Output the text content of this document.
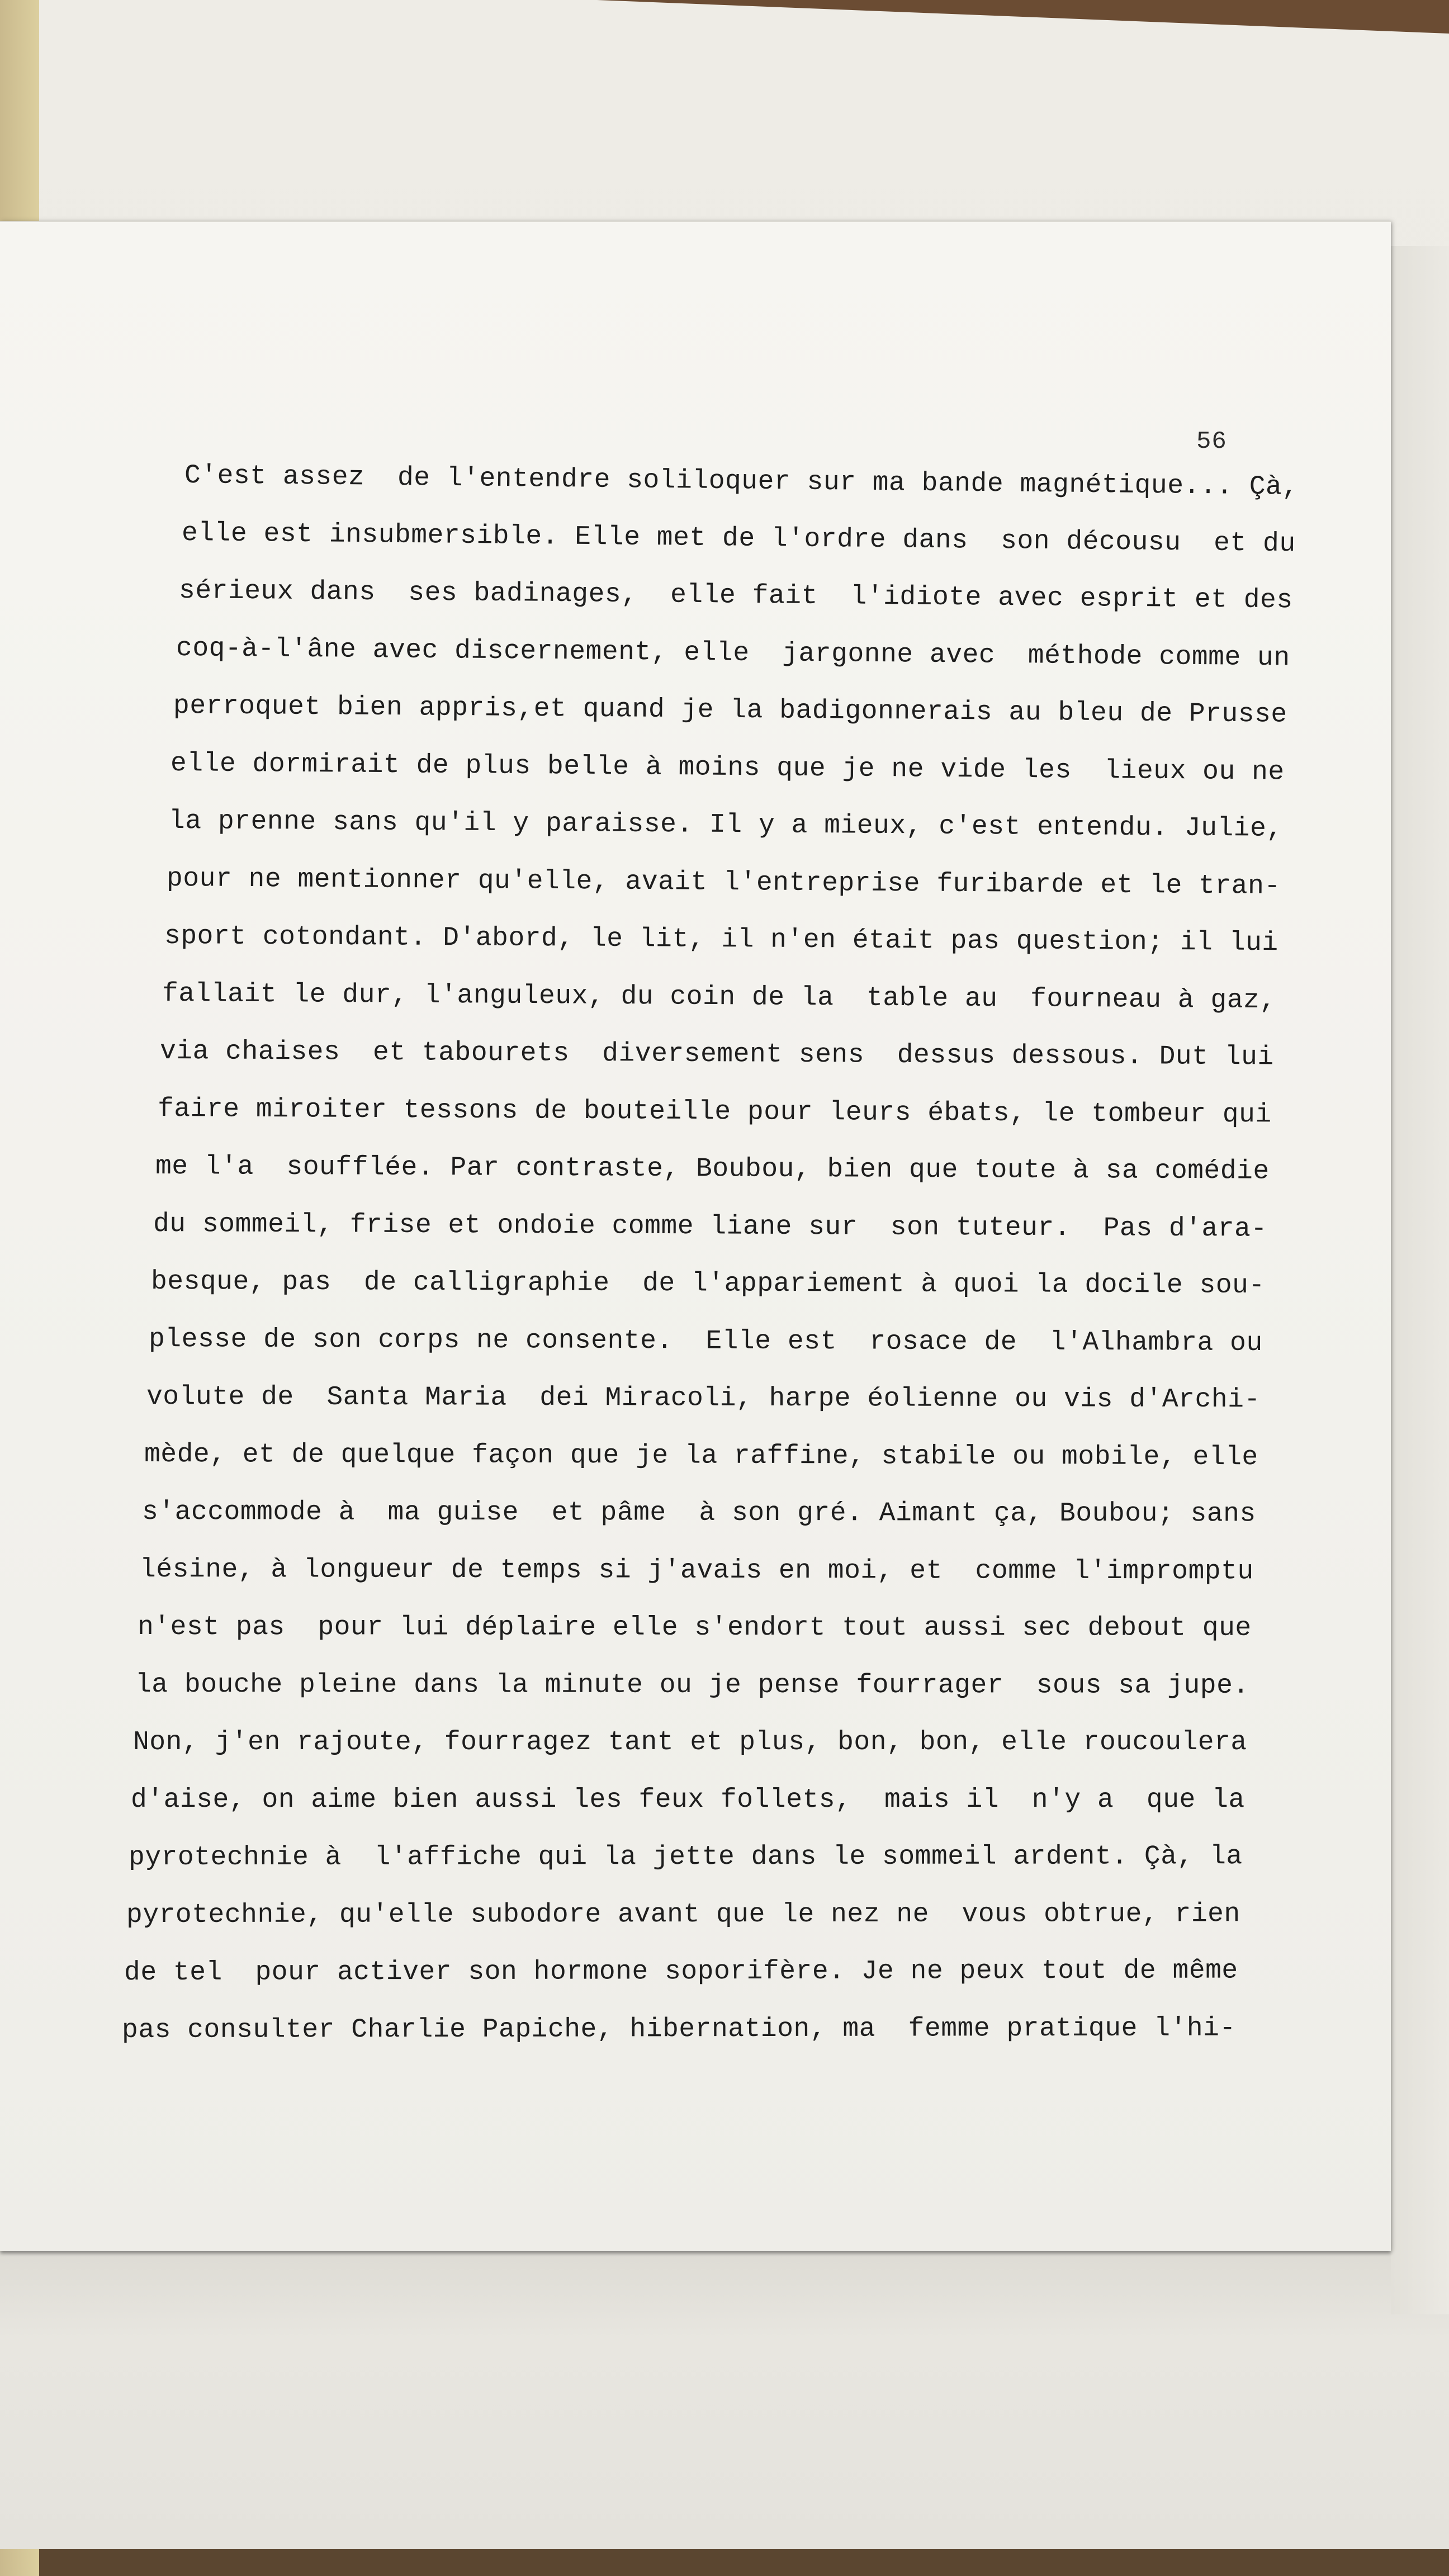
56
C'est assez  de l'entendre soliloquer sur ma bande magnétique... Çà,
elle est insubmersible. Elle met de l'ordre dans  son décousu  et du
sérieux dans  ses badinages,  elle fait  l'idiote avec esprit et des
coq-à-l'âne avec discernement, elle  jargonne avec  méthode comme un
perroquet bien appris,et quand je la badigonnerais au bleu de Prusse
elle dormirait de plus belle à moins que je ne vide les  lieux ou ne
la prenne sans qu'il y paraisse. Il y a mieux, c'est entendu. Julie,
pour ne mentionner qu'elle, avait l'entreprise furibarde et le tran-
sport cotondant. D'abord, le lit, il n'en était pas question; il lui
fallait le dur, l'anguleux, du coin de la  table au  fourneau à gaz,
via chaises  et tabourets  diversement sens  dessus dessous. Dut lui
faire miroiter tessons de bouteille pour leurs ébats, le tombeur qui
me l'a  soufflée. Par contraste, Boubou, bien que toute à sa comédie
du sommeil, frise et ondoie comme liane sur  son tuteur.  Pas d'ara-
besque, pas  de calligraphie  de l'appariement à quoi la docile sou-
plesse de son corps ne consente.  Elle est  rosace de  l'Alhambra ou
volute de  Santa Maria  dei Miracoli, harpe éolienne ou vis d'Archi-
mède, et de quelque façon que je la raffine, stabile ou mobile, elle
s'accommode à  ma guise  et pâme  à son gré. Aimant ça, Boubou; sans
lésine, à longueur de temps si j'avais en moi, et  comme l'impromptu
n'est pas  pour lui déplaire elle s'endort tout aussi sec debout que
la bouche pleine dans la minute ou je pense fourrager  sous sa jupe.
Non, j'en rajoute, fourragez tant et plus, bon, bon, elle roucoulera
d'aise, on aime bien aussi les feux follets,  mais il  n'y a  que la
pyrotechnie à  l'affiche qui la jette dans le sommeil ardent. Çà, la
pyrotechnie, qu'elle subodore avant que le nez ne  vous obtrue, rien
de tel  pour activer son hormone soporifère. Je ne peux tout de même
pas consulter Charlie Papiche, hibernation, ma  femme pratique l'hi-
